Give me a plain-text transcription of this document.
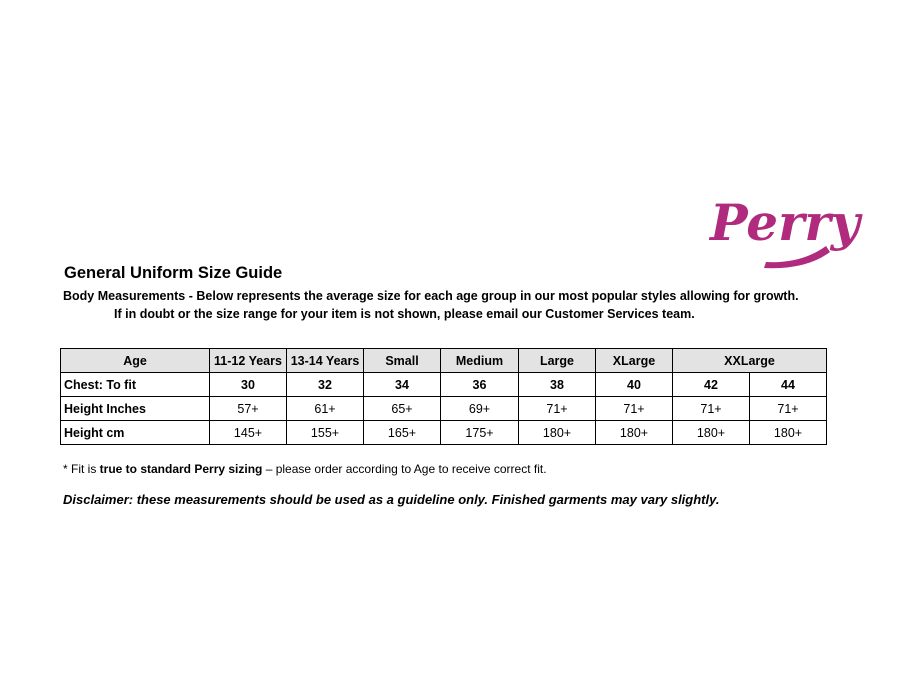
Perry
General Uniform Size Guide
Body Measurements - Below represents the average size for each age group in our most popular styles allowing for growth.
If in doubt or the size range for your item is not shown, please email our Customer Services team.
Age	11-12 Years	13-14 Years	Small	Medium	Large	XLarge	XXLarge	
Chest: To fit	30	32	34	36	38	40	42	44
Height Inches	57+	61+	65+	69+	71+	71+	71+	71+
Height cm	145+	155+	165+	175+	180+	180+	180+	180+
* Fit is true to standard Perry sizing – please order according to Age to receive correct fit.
Disclaimer: these measurements should be used as a guideline only. Finished garments may vary slightly.
